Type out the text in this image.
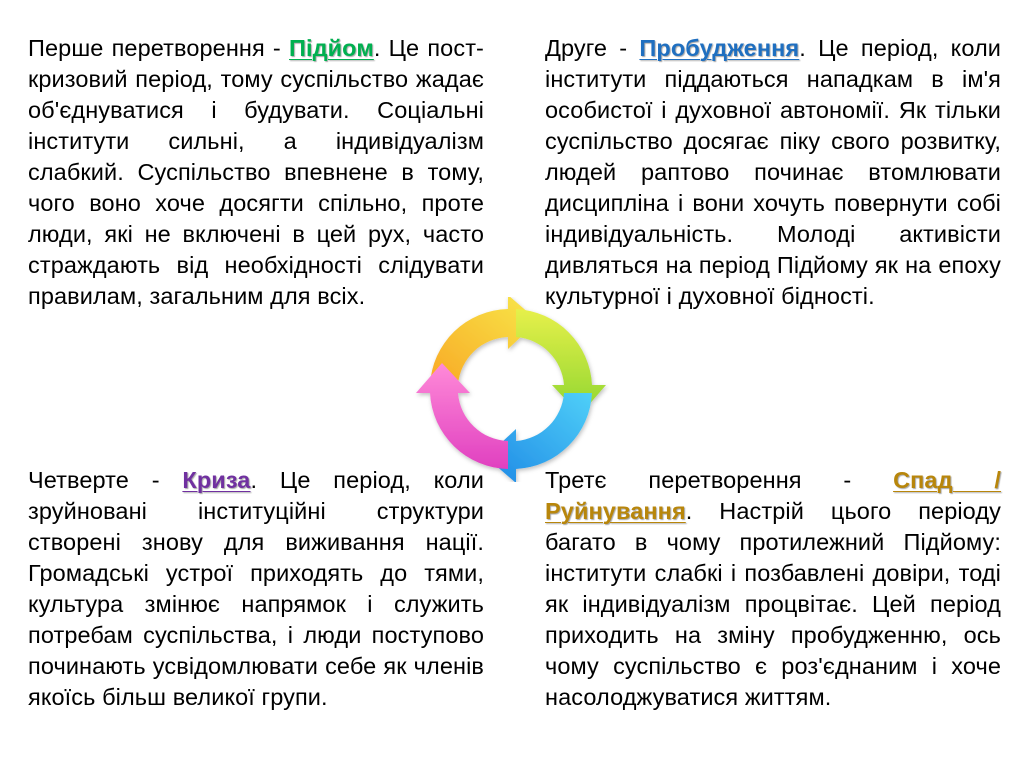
Перше перетворення - Підйом. Це пост-кризовий період, тому суспільство жадає об'єднуватися і будувати. Соціальні інститути сильні, а індивідуалізм слабкий. Суспільство впевнене в тому, чого воно хоче досягти спільно, проте люди, які не включені в цей рух, часто страждають від необхідності слідувати правилам, загальним для всіх.
Друге - Пробудження. Це період, коли інститути піддаються нападкам в ім'я особистої і духовної автономії. Як тільки суспільство досягає піку свого розвитку, людей раптово починає втомлювати дисципліна і вони хочуть повернути собі індивідуальність. Молоді активісти дивляться на період Підйому як на епоху культурної і духовної бідності.
Третє перетворення - Спад / Руйнування. Настрій цього періоду багато в чому протилежний Підйому: інститути слабкі і позбавлені довіри, тоді як індивідуалізм процвітає. Цей період приходить на зміну пробудженню, ось чому суспільство є роз'єднаним і хоче насолоджуватися життям.
Четверте - Криза. Це період, коли зруйновані інституційні структури створені знову для виживання нації. Громадські устрої приходять до тями, культура змінює напрямок і служить потребам суспільства, і люди поступово починають усвідомлювати себе як членів якоїсь більш великої групи.
